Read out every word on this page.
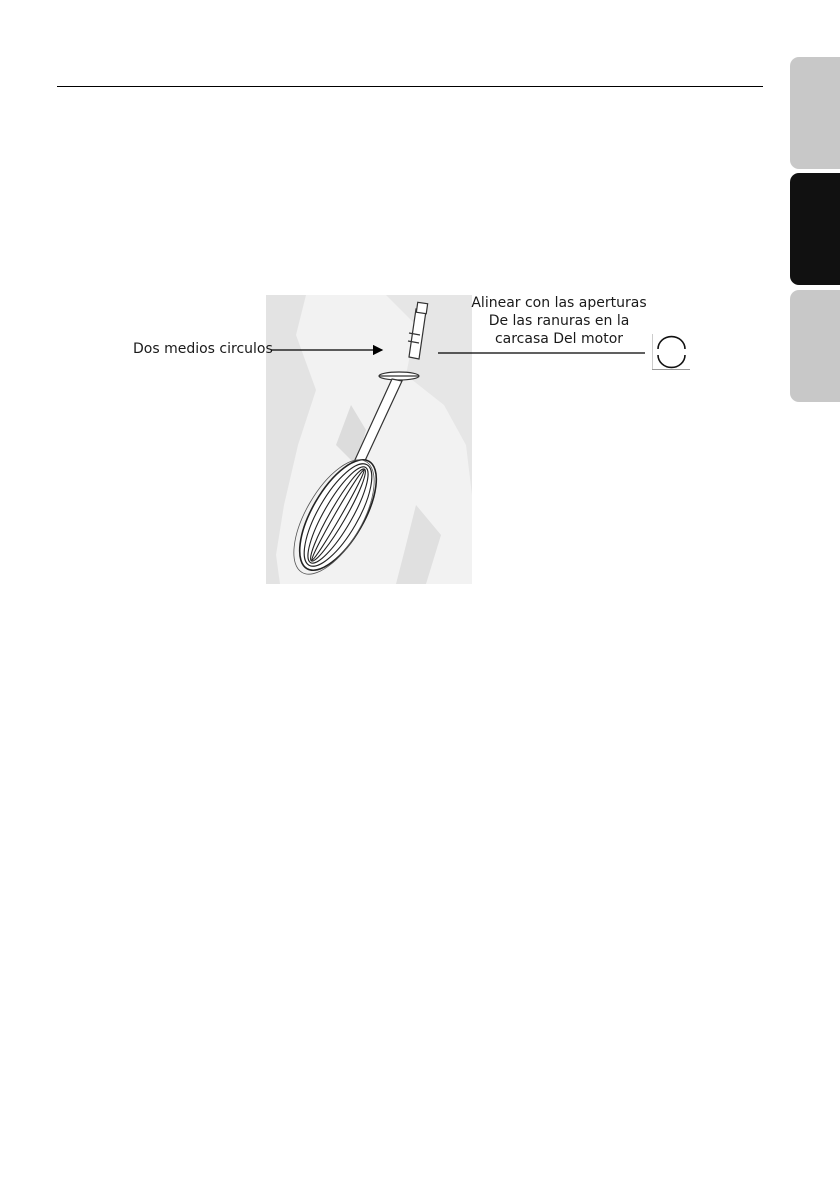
Dos medios circulos
Alinear con las aperturas
De las ranuras en la
carcasa Del motor
